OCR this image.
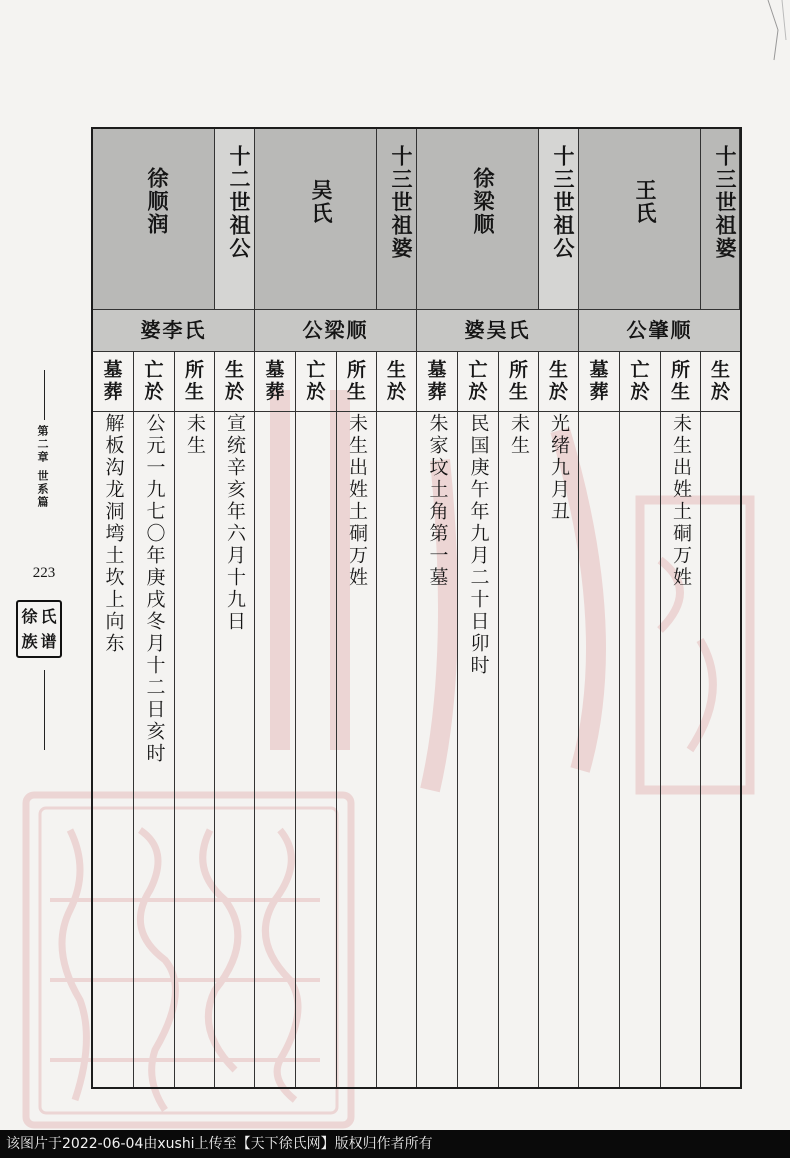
第二章 世系篇
223
徐 氏
族 谱
十三世祖婆
王氏
十三世祖公
徐梁顺
十三世祖婆
吴氏
十二世祖公
徐顺润
公肇顺
婆吴氏
公梁顺
婆李氏
生
於
所
生
未生出姓土硐万姓
亡
於
墓
葬
生
於
光绪九月丑
所
生
未生
亡
於
民国庚午年九月二十日卯时
墓
葬
朱家坟土角第一墓
生
於
所
生
未生出姓土硐万姓
亡
於
墓
葬
生
於
宣统辛亥年六月十九日
所
生
未生
亡
於
公元一九七〇年庚戌冬月十二日亥时
墓
葬
解板沟龙洞塆土坎上向东
该图片于2022-06-04由xushi上传至【天下徐氏网】版权归作者所有
